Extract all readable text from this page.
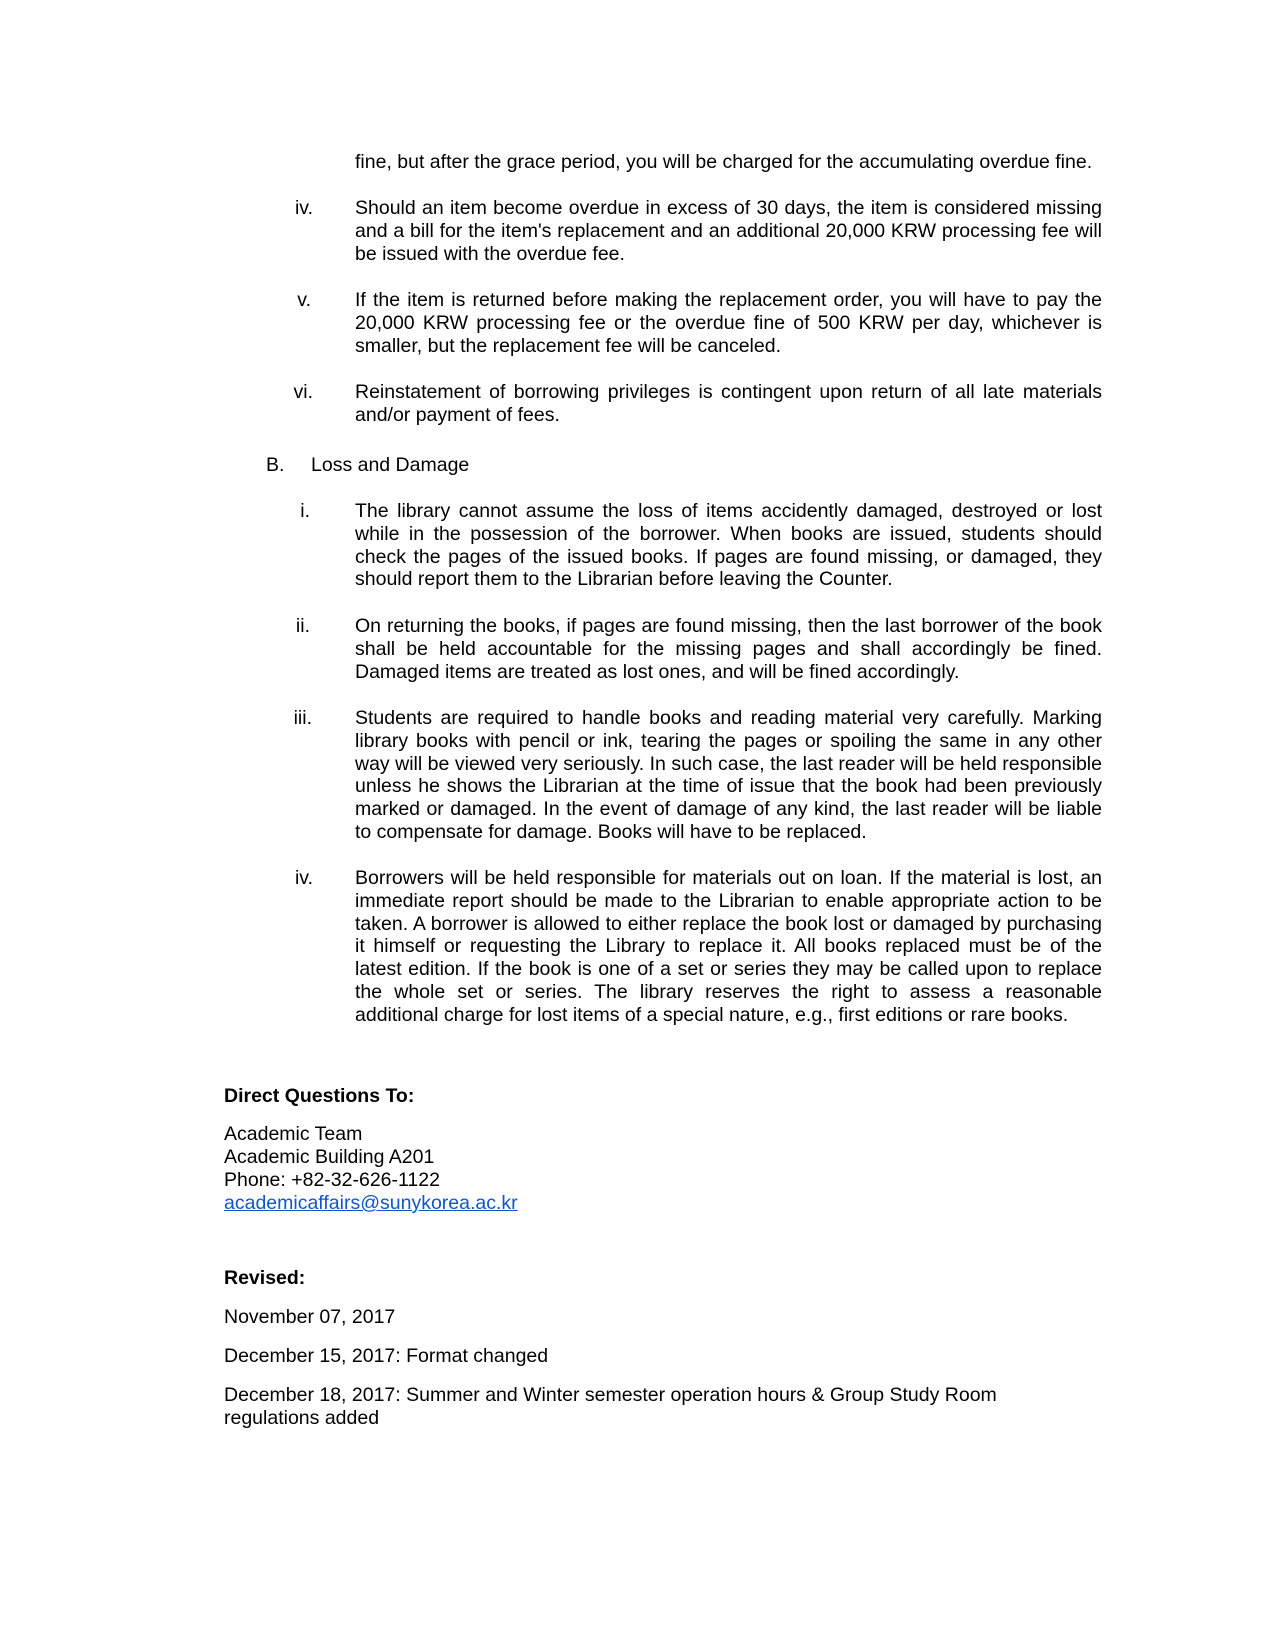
fine, but after the grace period, you will be charged for the accumulating overdue fine.
iv. Should an item become overdue in excess of 30 days, the item is considered missing and a bill for the item's replacement and an additional 20,000 KRW processing fee will be issued with the overdue fee.
v. If the item is returned before making the replacement order, you will have to pay the 20,000 KRW processing fee or the overdue fine of 500 KRW per day, whichever is smaller, but the replacement fee will be canceled.
vi. Reinstatement of borrowing privileges is contingent upon return of all late materials and/or payment of fees.
B. Loss and Damage
i. The library cannot assume the loss of items accidently damaged, destroyed or lost while in the possession of the borrower. When books are issued, students should check the pages of the issued books. If pages are found missing, or damaged, they should report them to the Librarian before leaving the Counter.
ii. On returning the books, if pages are found missing, then the last borrower of the book shall be held accountable for the missing pages and shall accordingly be fined. Damaged items are treated as lost ones, and will be fined accordingly.
iii. Students are required to handle books and reading material very carefully. Marking library books with pencil or ink, tearing the pages or spoiling the same in any other way will be viewed very seriously. In such case, the last reader will be held responsible unless he shows the Librarian at the time of issue that the book had been previously marked or damaged. In the event of damage of any kind, the last reader will be liable to compensate for damage. Books will have to be replaced.
iv. Borrowers will be held responsible for materials out on loan. If the material is lost, an immediate report should be made to the Librarian to enable appropriate action to be taken. A borrower is allowed to either replace the book lost or damaged by purchasing it himself or requesting the Library to replace it. All books replaced must be of the latest edition. If the book is one of a set or series they may be called upon to replace the whole set or series. The library reserves the right to assess a reasonable additional charge for lost items of a special nature, e.g., first editions or rare books.
Direct Questions To:
Academic Team
Academic Building A201
Phone: +82-32-626-1122
academicaffairs@sunykorea.ac.kr
Revised:
November 07, 2017
December 15, 2017: Format changed
December 18, 2017: Summer and Winter semester operation hours & Group Study Room regulations added
